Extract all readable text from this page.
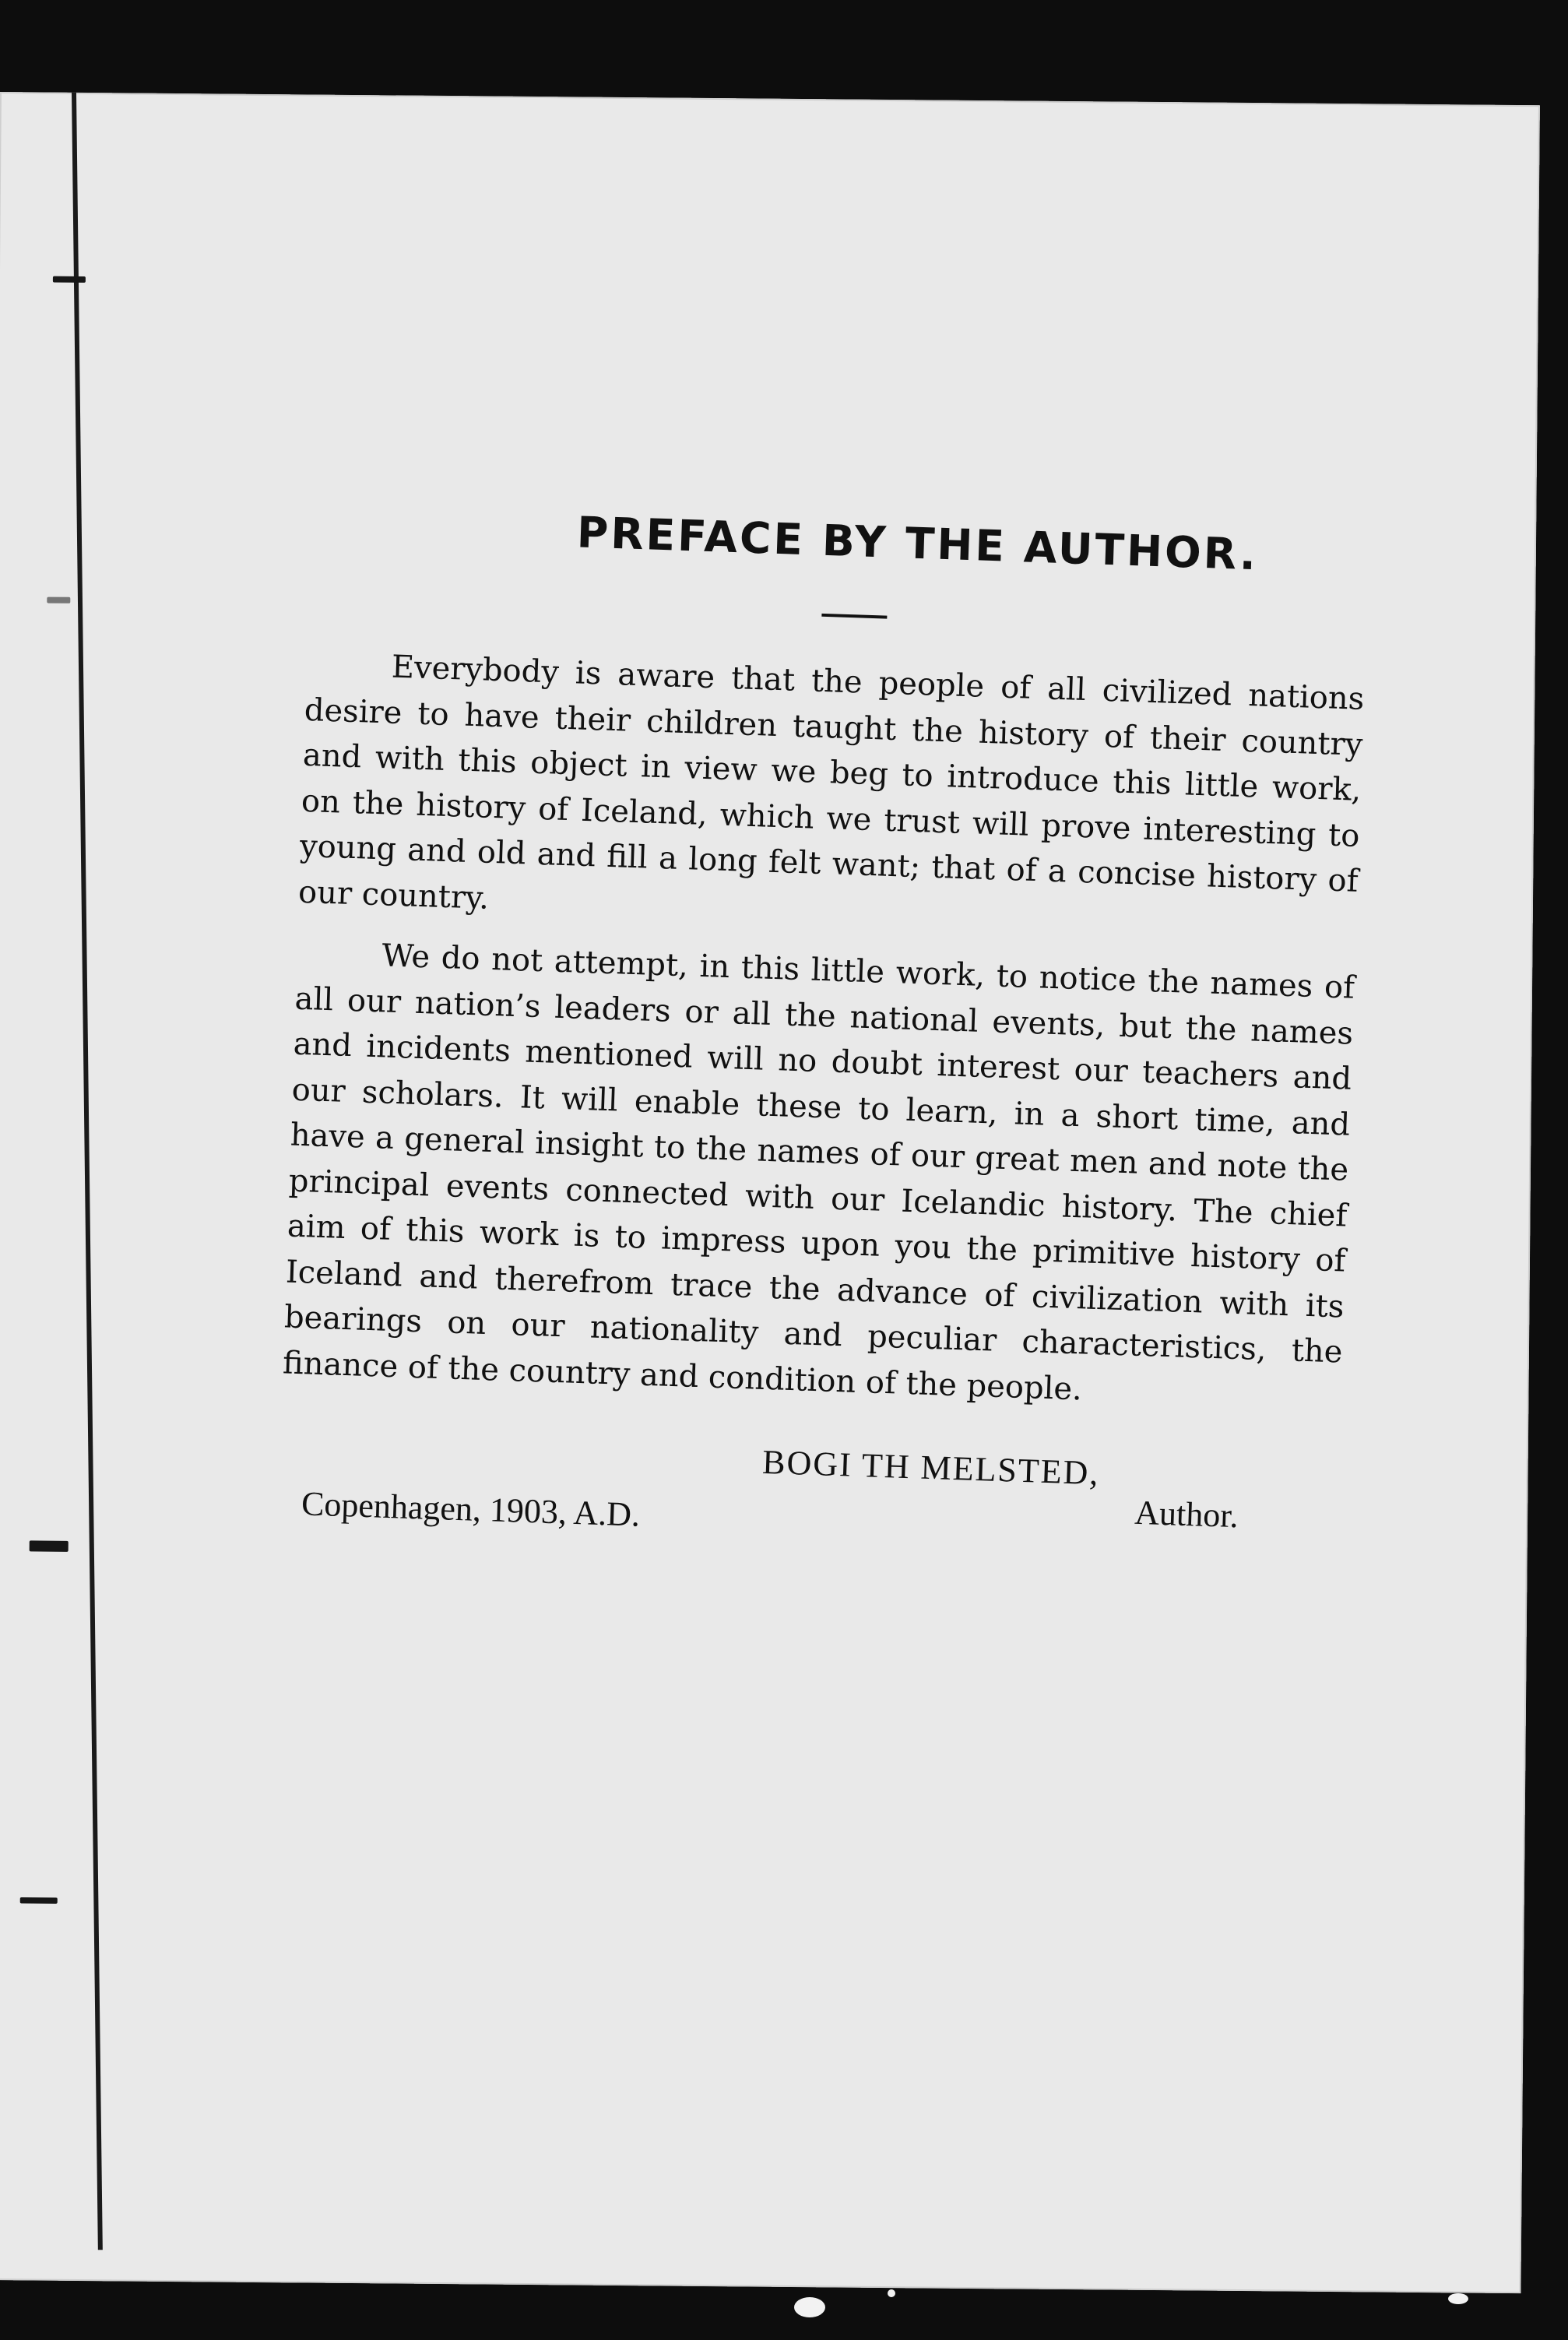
PREFACE BY THE AUTHOR.

Everybody is aware that the people of all civilized nations desire to have their children taught the history of their country and with this object in view we beg to introduce this little work, on the history of Iceland, which we trust will prove interesting to young and old and fill a long felt want; that of a concise history of our country.

We do not attempt, in this little work, to notice the names of all our nation’s leaders or all the national events, but the names and incidents mentioned will no doubt interest our teachers and our scholars. It will enable these to learn, in a short time, and have a general insight to the names of our great men and note the principal events connected with our Icelandic history. The chief aim of this work is to impress upon you the primitive history of Iceland and therefrom trace the advance of civilization with its bearings on our nationality and peculiar characteristics, the finance of the country and condition of the people.

BOGI TH MELSTED,
Copenhagen, 1903, A.D.	Author.
